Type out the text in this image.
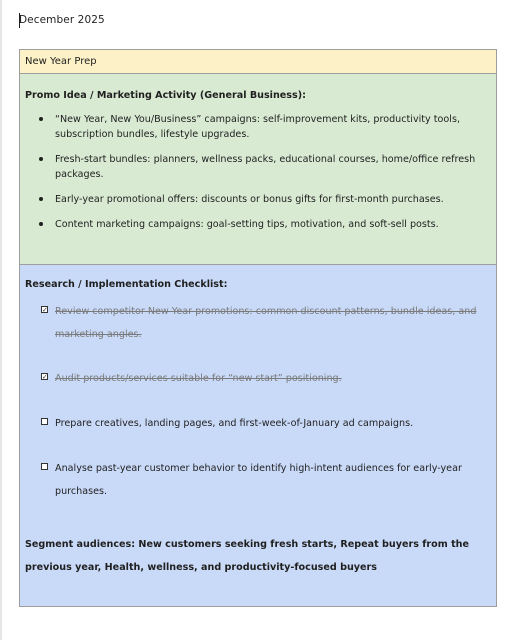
December 2025
New Year Prep

Promo Idea / Marketing Activity (General Business):

“New Year, New You/Business” campaigns: self-improvement kits, productivity tools, subscription bundles, lifestyle upgrades.
Fresh-start bundles: planners, wellness packs, educational courses, home/office refresh packages.
Early-year promotional offers: discounts or bonus gifts for first-month purchases.
Content marketing campaigns: goal-setting tips, motivation, and soft-sell posts.

Research / Implementation Checklist:

✓ Review competitor New Year promotions: common discount patterns, bundle ideas, and marketing angles.
✓ Audit products/services suitable for “new start” positioning.
Prepare creatives, landing pages, and first-week-of-January ad campaigns.
Analyse past-year customer behavior to identify high-intent audiences for early-year purchases.

Segment audiences: New customers seeking fresh starts, Repeat buyers from the previous year, Health, wellness, and productivity-focused buyers
